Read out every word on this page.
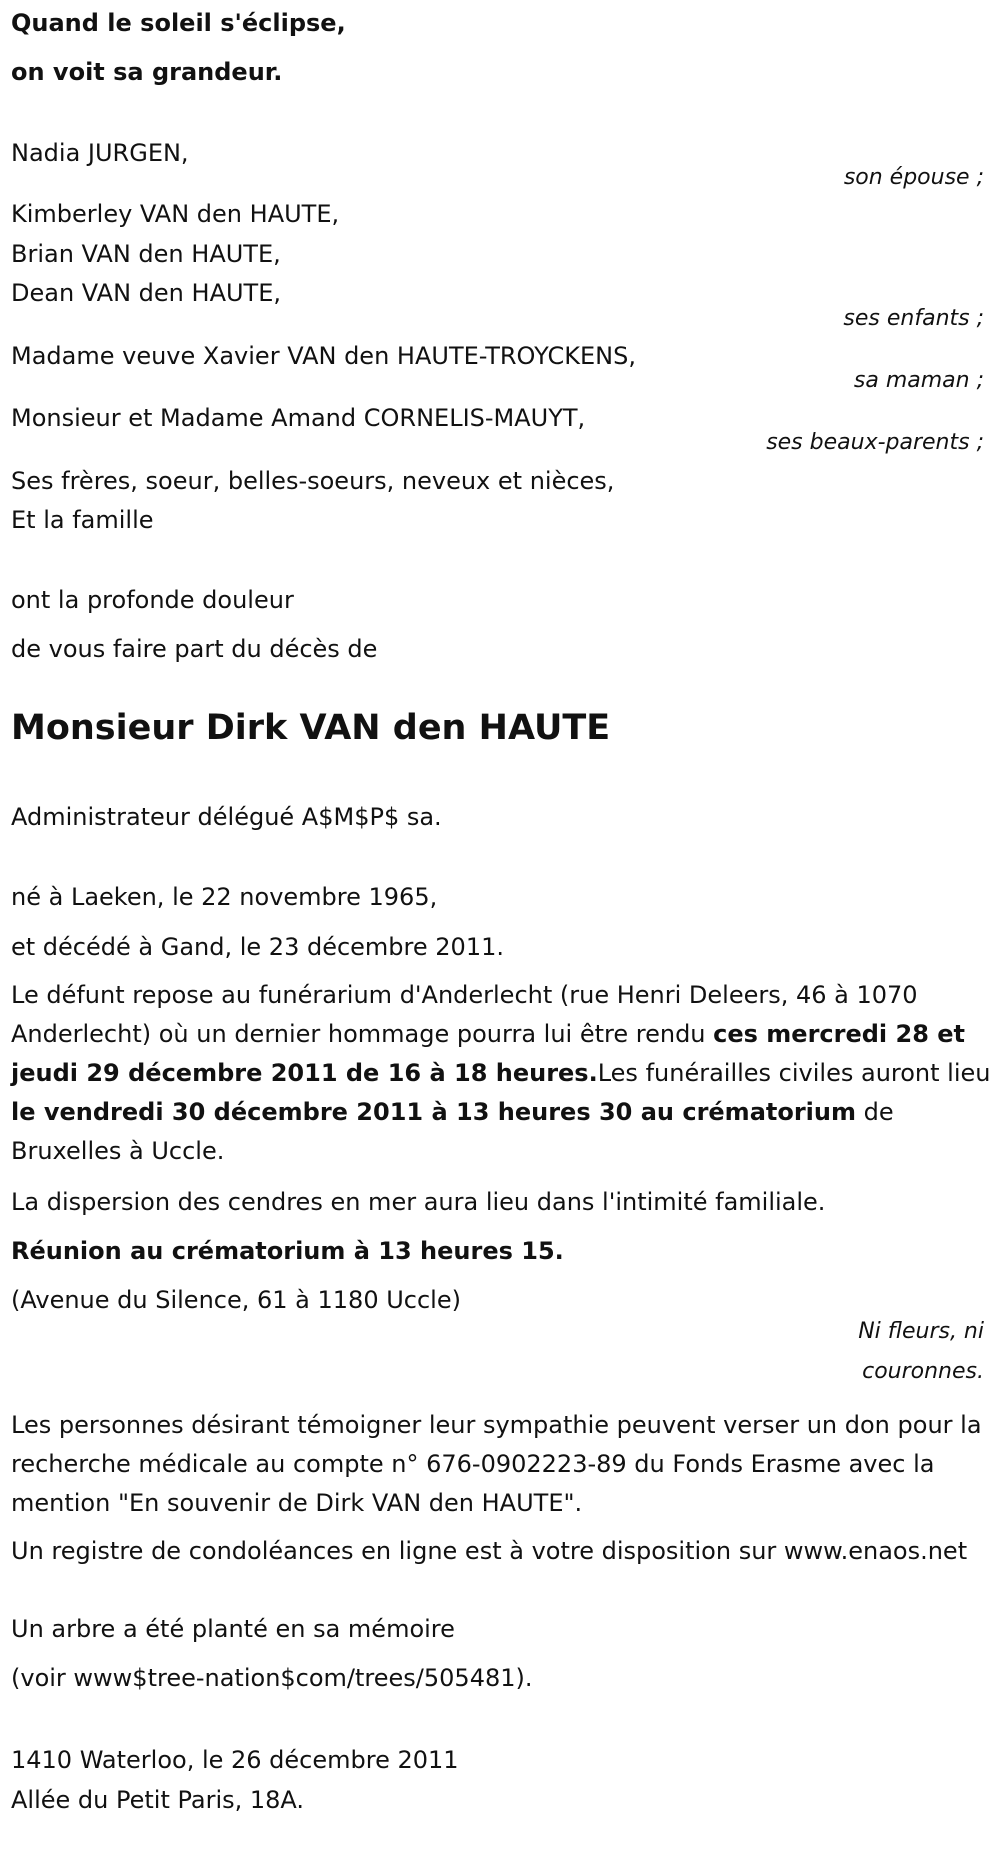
Quand le soleil s'éclipse,
on voit sa grandeur.
Nadia JURGEN,
son épouse ;
Kimberley VAN den HAUTE,
Brian VAN den HAUTE,
Dean VAN den HAUTE,
ses enfants ;
Madame veuve Xavier VAN den HAUTE-TROYCKENS,
sa maman ;
Monsieur et Madame Amand CORNELIS-MAUYT,
ses beaux-parents ;
Ses frères, soeur, belles-soeurs, neveux et nièces,
Et la famille
ont la profonde douleur
de vous faire part du décès de
Monsieur Dirk VAN den HAUTE
Administrateur délégué A$M$P$ sa.
né à Laeken, le 22 novembre 1965,
et décédé à Gand, le 23 décembre 2011.
Le défunt repose au funérarium d'Anderlecht (rue Henri Deleers, 46 à 1070 Anderlecht) où un dernier hommage pourra lui être rendu ces mercredi 28 et jeudi 29 décembre 2011 de 16 à 18 heures.Les funérailles civiles auront lieu le vendredi 30 décembre 2011 à 13 heures 30 au crématorium de Bruxelles à Uccle.
La dispersion des cendres en mer aura lieu dans l'intimité familiale.
Réunion au crématorium à 13 heures 15.
(Avenue du Silence, 61 à 1180 Uccle)
Ni fleurs, ni
couronnes.
Les personnes désirant témoigner leur sympathie peuvent verser un don pour la recherche médicale au compte n° 676-0902223-89 du Fonds Erasme avec la mention "En souvenir de Dirk VAN den HAUTE".
Un registre de condoléances en ligne est à votre disposition sur www.enaos.net
Un arbre a été planté en sa mémoire
(voir www$tree-nation$com/trees/505481).
1410 Waterloo, le 26 décembre 2011
Allée du Petit Paris, 18A.
